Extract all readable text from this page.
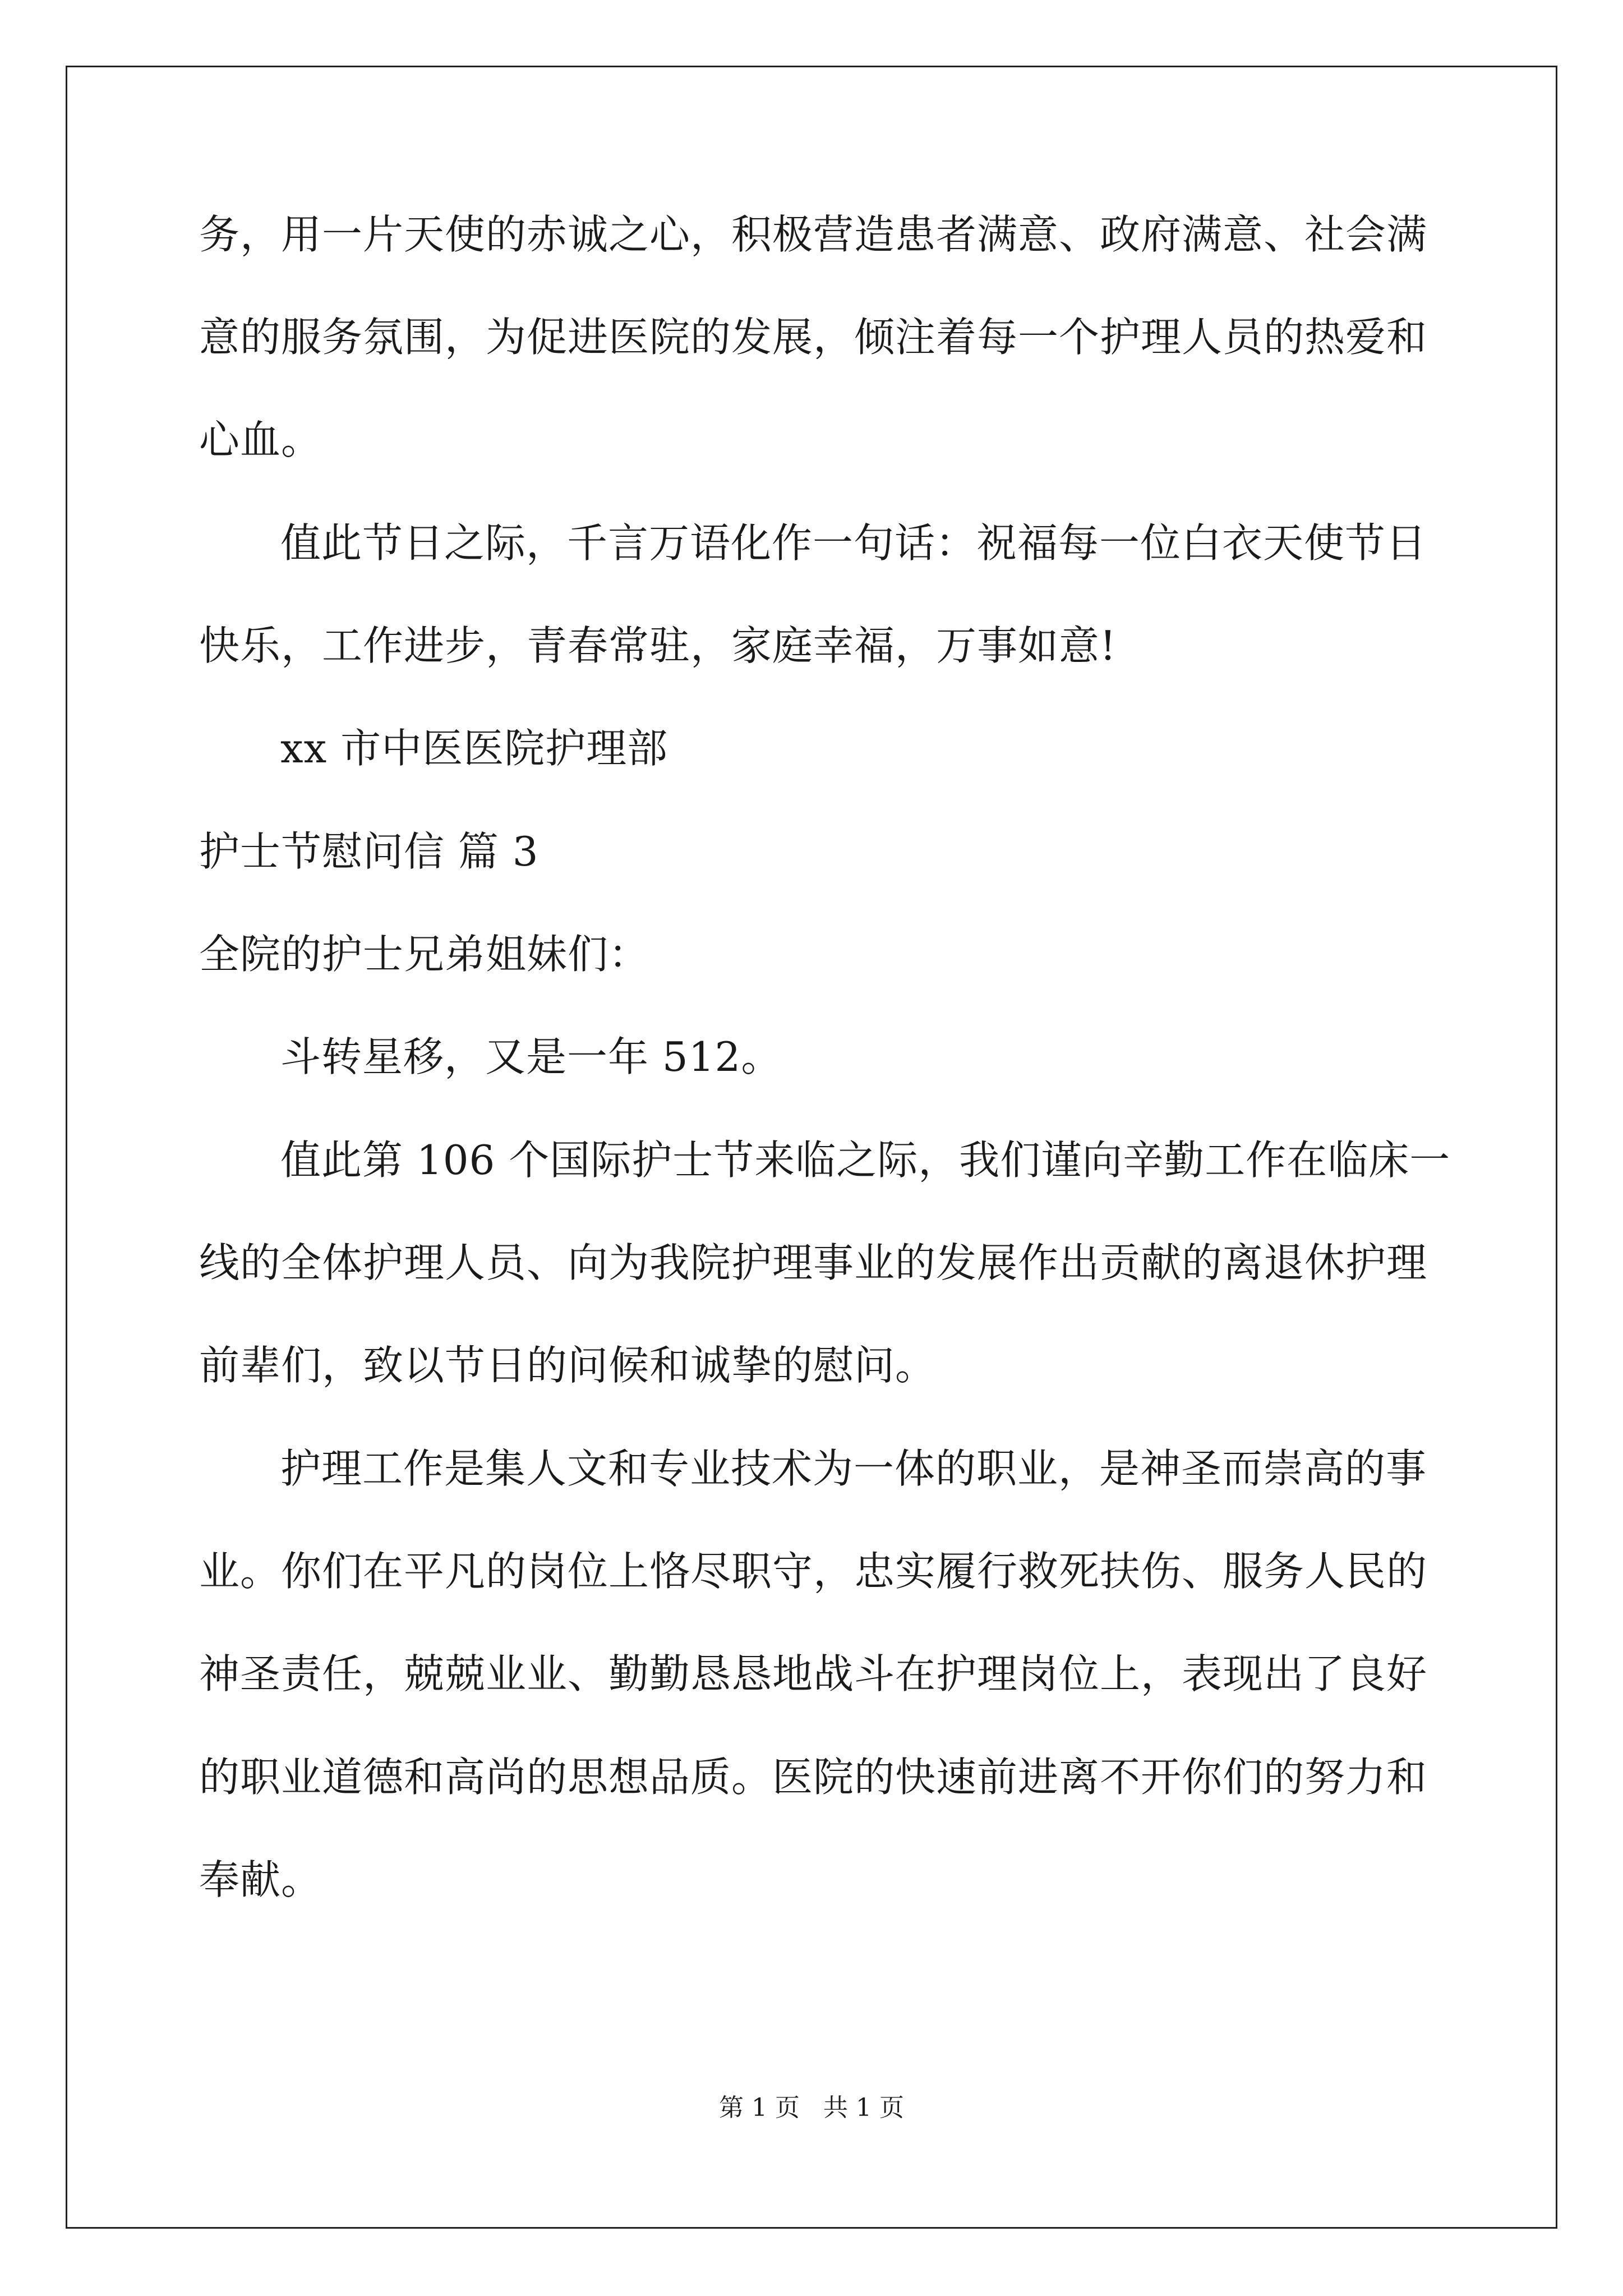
务，用一片天使的赤诚之心，积极营造患者满意、政府满意、社会满
意的服务氛围，为促进医院的发展，倾注着每一个护理人员的热爱和
心血。
值此节日之际，千言万语化作一句话：祝福每一位白衣天使节日
快乐，工作进步，青春常驻，家庭幸福，万事如意!
xx 市中医医院护理部
护士节慰问信 篇 3
全院的护士兄弟姐妹们：
斗转星移，又是一年 512。
值此第 106 个国际护士节来临之际，我们谨向辛勤工作在临床一
线的全体护理人员、向为我院护理事业的发展作出贡献的离退休护理
前辈们，致以节日的问候和诚挚的慰问。
护理工作是集人文和专业技术为一体的职业，是神圣而崇高的事
业。你们在平凡的岗位上恪尽职守，忠实履行救死扶伤、服务人民的
神圣责任，兢兢业业、勤勤恳恳地战斗在护理岗位上，表现出了良好
的职业道德和高尚的思想品质。医院的快速前进离不开你们的努力和
奉献。
第 1 页 共 1 页
